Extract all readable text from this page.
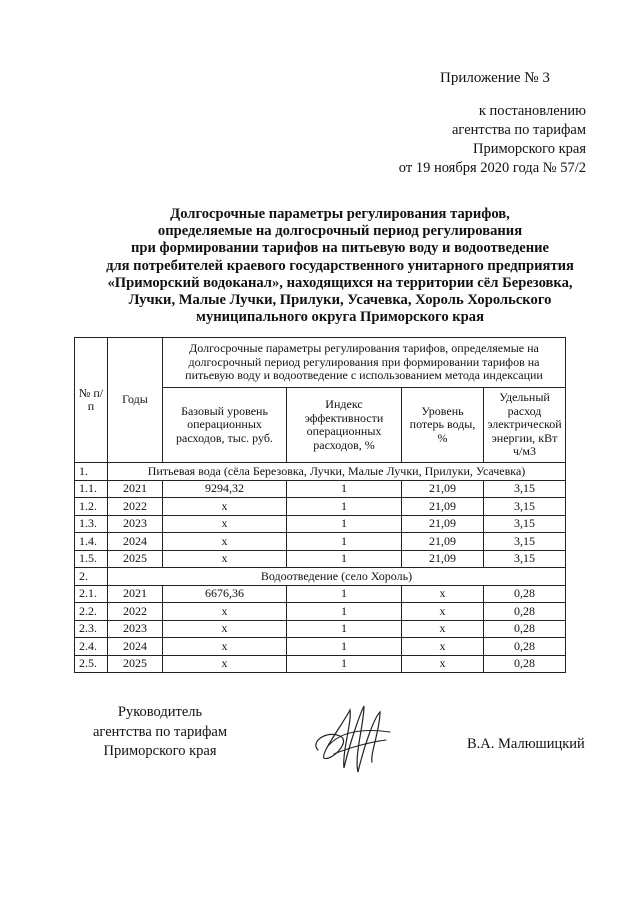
Приложение № 3
к постановлению
агентства по тарифам
Приморского края
от 19 ноября 2020 года № 57/2
Долгосрочные параметры регулирования тарифов,
определяемые на долгосрочный период регулирования
при формировании тарифов на питьевую воду и водоотведение
для потребителей краевого государственного унитарного предприятия
«Приморский водоканал», находящихся на территории сёл Березовка,
Лучки, Малые Лучки, Прилуки, Усачевка, Хороль Хорольского
муниципального округа Приморского края
№ п/п	Годы	Долгосрочные параметры регулирования тарифов, определяемые на долгосрочный период регулирования при формировании тарифов на питьевую воду и водоотведение с использованием метода индексации			
		Базовый уровень операционных расходов, тыс. руб.	Индекс эффективности операционных расходов, %	Уровень потерь воды, %	Удельный расход электрической энергии, кВт ч/м3
1.	Питьевая вода (сёла Березовка, Лучки, Малые Лучки, Прилуки, Усачевка)				
1.1.	2021	9294,32	1	21,09	3,15
1.2.	2022	x	1	21,09	3,15
1.3.	2023	x	1	21,09	3,15
1.4.	2024	x	1	21,09	3,15
1.5.	2025	x	1	21,09	3,15
2.	Водоотведение (село Хороль)				
2.1.	2021	6676,36	1	x	0,28
2.2.	2022	x	1	x	0,28
2.3.	2023	x	1	x	0,28
2.4.	2024	x	1	x	0,28
2.5.	2025	x	1	x	0,28
Руководитель
агентства по тарифам
Приморского края	В.А. Малюшицкий
